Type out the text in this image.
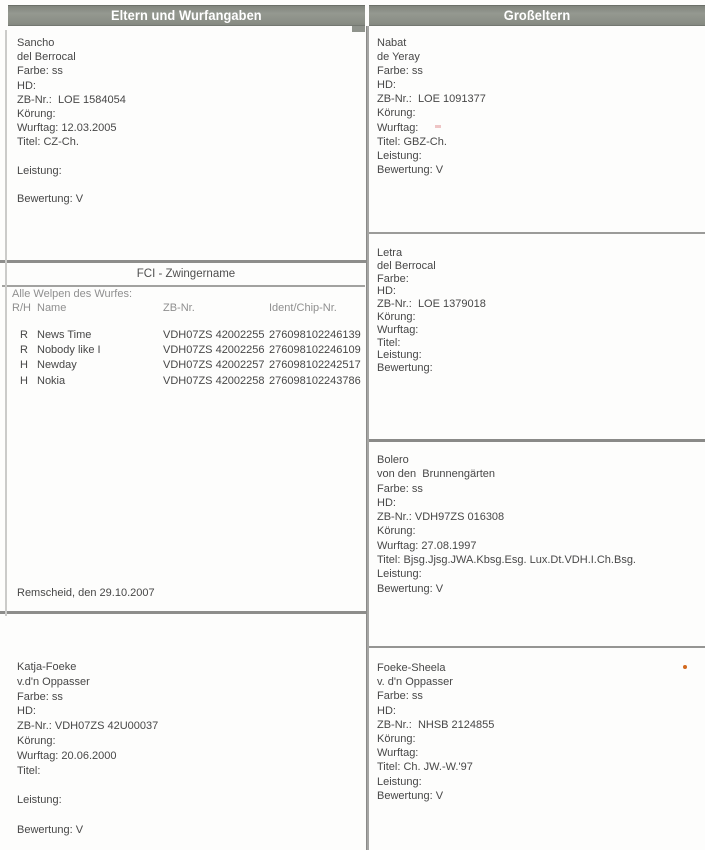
Eltern und Wurfangaben	Großeltern
Sancho
del Berrocal
Farbe: ss
HD:
ZB-Nr.:  LOE 1584054
Körung:
Wurftag: 12.03.2005
Titel: CZ-Ch.
Leistung:
Bewertung: V
Nabat
de Yeray
Farbe: ss
HD:
ZB-Nr.:  LOE 1091377
Körung:
Wurftag:
Titel: GBZ-Ch.
Leistung:
Bewertung: V
Letra
del Berrocal
Farbe:
HD:
ZB-Nr.:  LOE 1379018
Körung:
Wurftag:
Titel:
Leistung:
Bewertung:
Bolero
von den  Brunnengärten
Farbe: ss
HD:
ZB-Nr.: VDH97ZS 016308
Körung:
Wurftag: 27.08.1997
Titel: Bjsg.Jjsg.JWA.Kbsg.Esg. Lux.Dt.VDH.I.Ch.Bsg.
Leistung:
Bewertung: V
Katja-Foeke
v.d'n Oppasser
Farbe: ss
HD:
ZB-Nr.: VDH07ZS 42U00037
Körung:
Wurftag: 20.06.2000
Titel:
Leistung:
Bewertung: V
Foeke-Sheela
v. d'n Oppasser
Farbe: ss
HD:
ZB-Nr.:  NHSB 2124855
Körung:
Wurftag:
Titel: Ch. JW.-W.'97
Leistung:
Bewertung: V
FCI - Zwingername
Alle Welpen des Wurfes:
R/H Name	ZB-Nr.	Ident/Chip-Nr.
R News Time	VDH07ZS 42002255 276098102246139
R Nobody like I	VDH07ZS 42002256 276098102246109
H Newday	VDH07ZS 42002257 276098102242517
H Nokia	VDH07ZS 42002258 276098102243786
Remscheid, den 29.10.2007
